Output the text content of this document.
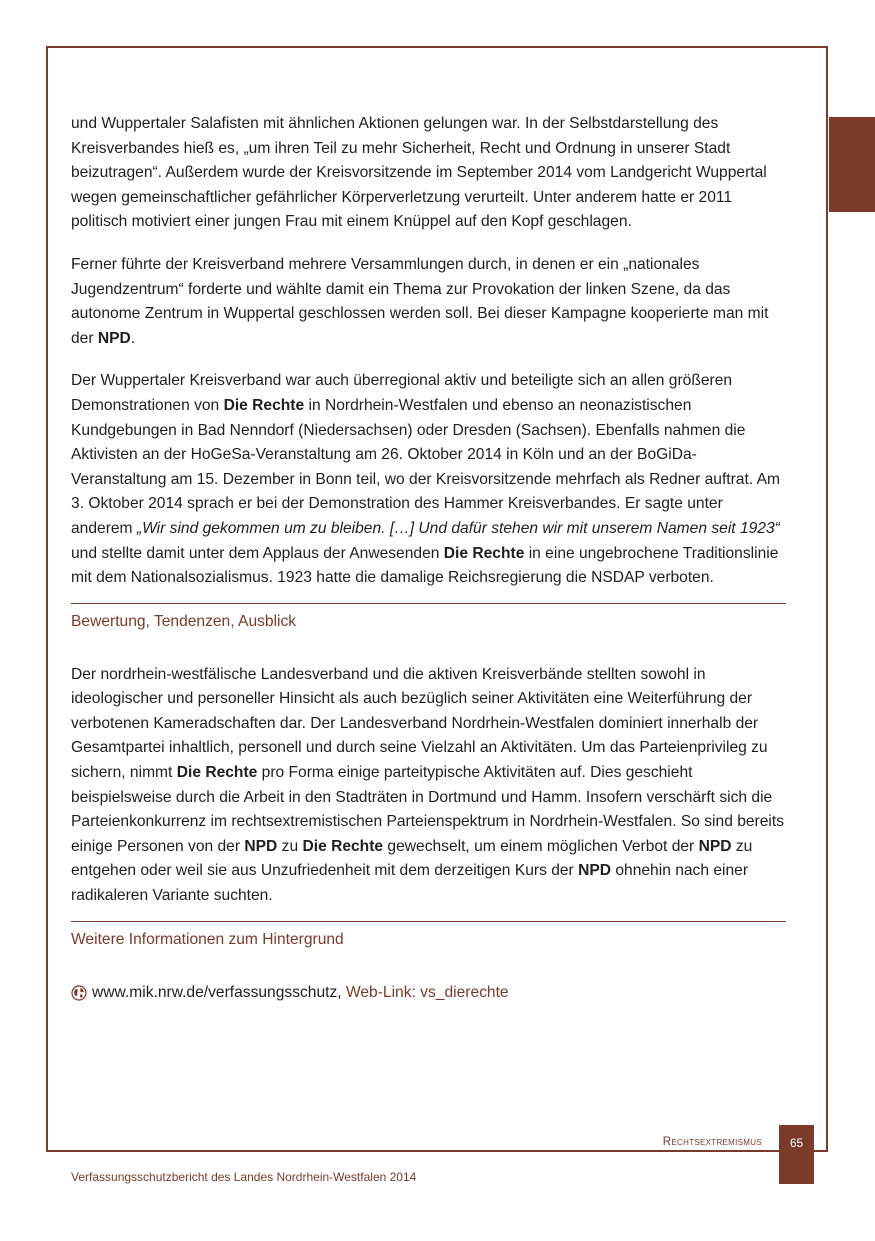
und Wuppertaler Salafisten mit ähnlichen Aktionen gelungen war. In der Selbstdarstellung des Kreisverbandes hieß es, „um ihren Teil zu mehr Sicherheit, Recht und Ordnung in unserer Stadt beizutragen“. Außerdem wurde der Kreisvorsitzende im September 2014 vom Landgericht Wuppertal wegen gemeinschaftlicher gefährlicher Körperverletzung verurteilt. Unter anderem hatte er 2011 politisch motiviert einer jungen Frau mit einem Knüppel auf den Kopf geschlagen.

Ferner führte der Kreisverband mehrere Versammlungen durch, in denen er ein „nationales Jugendzentrum“ forderte und wählte damit ein Thema zur Provokation der linken Szene, da das autonome Zentrum in Wuppertal geschlossen werden soll. Bei dieser Kampagne kooperierte man mit der NPD.

Der Wuppertaler Kreisverband war auch überregional aktiv und beteiligte sich an allen größeren Demonstrationen von Die Rechte in Nordrhein-Westfalen und ebenso an neonazistischen Kundgebungen in Bad Nenndorf (Niedersachsen) oder Dresden (Sachsen). Ebenfalls nahmen die Aktivisten an der HoGeSa-Veranstaltung am 26. Oktober 2014 in Köln und an der BoGiDa-Veranstaltung am 15. Dezember in Bonn teil, wo der Kreisvorsitzende mehrfach als Redner auftrat. Am 3. Oktober 2014 sprach er bei der Demonstration des Hammer Kreisverbandes. Er sagte unter anderem „Wir sind gekommen um zu bleiben. […] Und dafür stehen wir mit unserem Namen seit 1923“ und stellte damit unter dem Applaus der Anwesenden Die Rechte in eine ungebrochene Traditionslinie mit dem Nationalsozialismus. 1923 hatte die damalige Reichsregierung die NSDAP verboten.

Bewertung, Tendenzen, Ausblick

Der nordrhein-westfälische Landesverband und die aktiven Kreisverbände stellten sowohl in ideologischer und personeller Hinsicht als auch bezüglich seiner Aktivitäten eine Weiterführung der verbotenen Kameradschaften dar. Der Landesverband Nordrhein-Westfalen dominiert innerhalb der Gesamtpartei inhaltlich, personell und durch seine Vielzahl an Aktivitäten. Um das Parteienprivileg zu sichern, nimmt Die Rechte pro Forma einige parteitypische Aktivitäten auf. Dies geschieht beispielsweise durch die Arbeit in den Stadträten in Dortmund und Hamm. Insofern verschärft sich die Parteienkonkurrenz im rechtsextremistischen Parteienspektrum in Nordrhein-Westfalen. So sind bereits einige Personen von der NPD zu Die Rechte gewechselt, um einem möglichen Verbot der NPD zu entgehen oder weil sie aus Unzufriedenheit mit dem derzeitigen Kurs der NPD ohnehin nach einer radikaleren Variante suchten.

Weitere Informationen zum Hintergrund
www.mik.nrw.de/verfassungsschutz,
Web-Link: vs_dierechte
Rechtsextremismus	65
Verfassungsschutzbericht des Landes Nordrhein-Westfalen 2014
